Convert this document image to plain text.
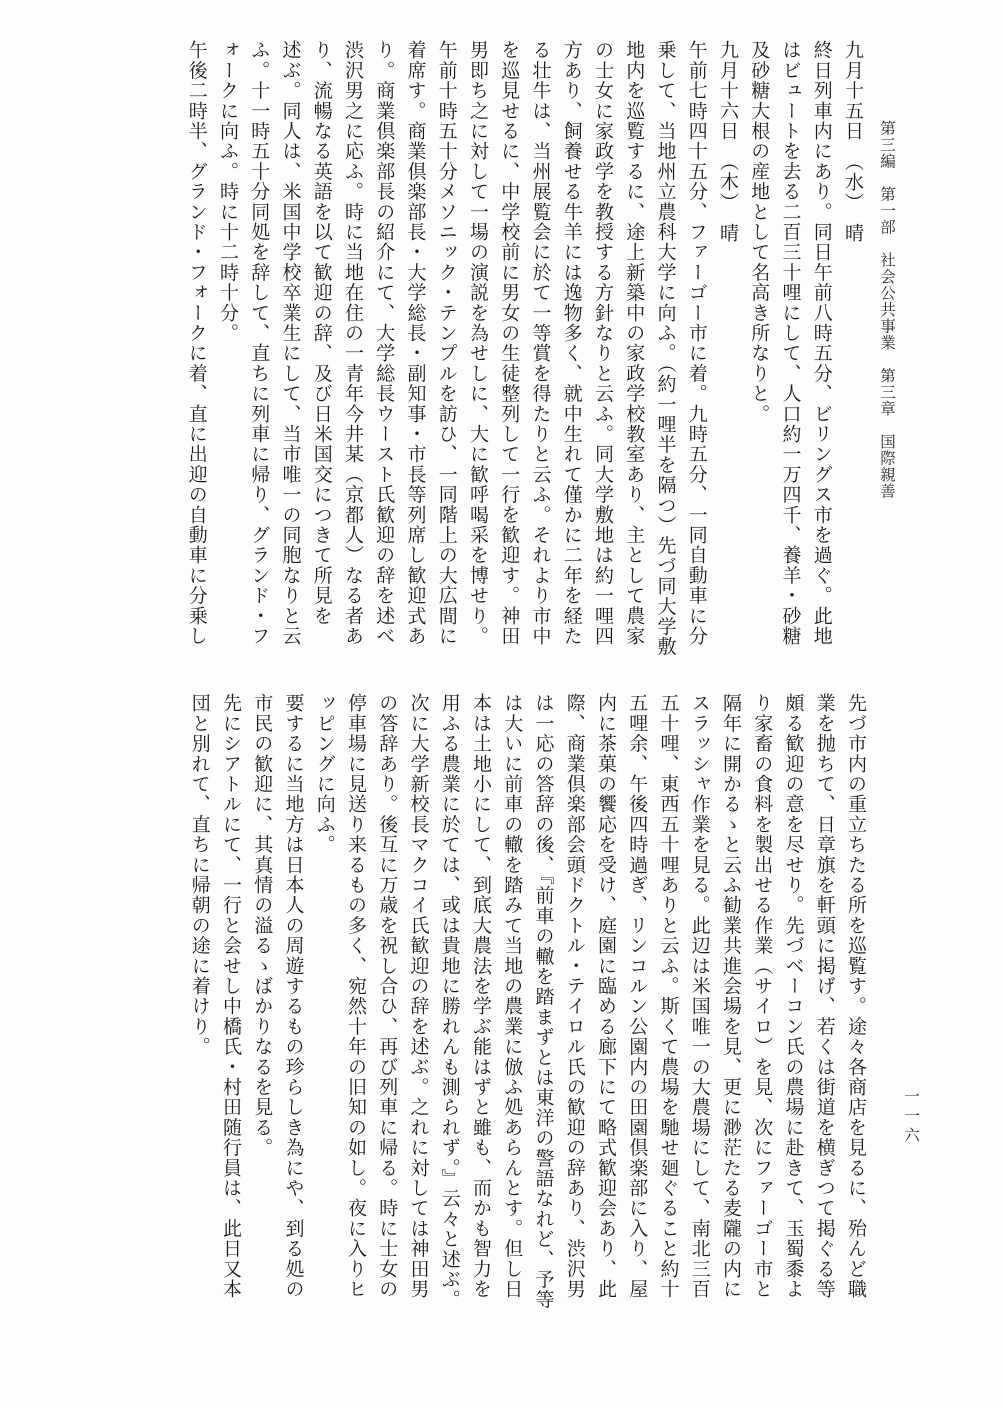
第三編　第一部　社会公共事業　第三章　国際親善
一一六
九月十五日　（水）　晴
終日列車内にあり。同日午前八時五分、ビリングス市を過ぐ。此地
はビュートを去る二百三十哩にして、人口約一万四千、養羊・砂糖
及砂糖大根の産地として名高き所なりと。
九月十六日　（木）　晴
午前七時四十五分、ファーゴー市に着。九時五分、一同自動車に分
乗して、当地州立農科大学に向ふ。（約一哩半を隔つ）先づ同大学敷
地内を巡覧するに、途上新築中の家政学校教室あり、主として農家
の士女に家政学を教授する方針なりと云ふ。同大学敷地は約一哩四
方あり、飼養せる牛羊には逸物多く、就中生れて僅かに二年を経た
る壮牛は、当州展覧会に於て一等賞を得たりと云ふ。それより市中
を巡見せるに、中学校前に男女の生徒整列して一行を歓迎す。神田
男即ち之に対して一場の演説を為せしに、大に歓呼喝采を博せり。
午前十時五十分メソニック・テンプルを訪ひ、一同階上の大広間に
着席す。商業倶楽部長・大学総長・副知事・市長等列席し歓迎式あ
り。商業倶楽部長の紹介にて、大学総長ウースト氏歓迎の辞を述べ
渋沢男之に応ふ。時に当地在住の一青年今井某（京都人）なる者あ
り、流暢なる英語を以て歓迎の辞、及び日米国交につきて所見を
述ぶ。同人は、米国中学校卒業生にして、当市唯一の同胞なりと云
ふ。十一時五十分同処を辞して、直ちに列車に帰り、グランド・フ
ォークに向ふ。時に十二時十分。
午後二時半、グランド・フォークに着、直に出迎の自動車に分乗し
先づ市内の重立ちたる所を巡覧す。途々各商店を見るに、殆んど職
業を抛ちて、日章旗を軒頭に掲げ、若くは街道を横ぎつて掲ぐる等
頗る歓迎の意を尽せり。先づベーコン氏の農場に赴きて、玉蜀黍よ
り家畜の食料を製出せる作業（サイロ）を見、次にファーゴー市と
隔年に開かるゝと云ふ勧業共進会場を見、更に渺茫たる麦隴の内に
スラッシャ作業を見る。此辺は米国唯一の大農場にして、南北三百
五十哩、東西五十哩ありと云ふ。斯くて農場を馳せ廻ぐること約十
五哩余、午後四時過ぎ、リンコルン公園内の田園倶楽部に入り、屋
内に茶菓の饗応を受け、庭園に臨める廊下にて略式歓迎会あり、此
際、商業倶楽部会頭ドクトル・テイロル氏の歓迎の辞あり、渋沢男
は一応の答辞の後、『前車の轍を踏まずとは東洋の警語なれど、予等
は大いに前車の轍を踏みて当地の農業に倣ふ処あらんとす。但し日
本は土地小にして、到底大農法を学ぶ能はずと雖も、而かも智力を
用ふる農業に於ては、或は貴地に勝れんも測られず。』云々と述ぶ。
次に大学新校長マクコイ氏歓迎の辞を述ぶ。之れに対しては神田男
の答辞あり。後互に万歳を祝し合ひ、再び列車に帰る。時に士女の
停車場に見送り来るもの多く、宛然十年の旧知の如し。夜に入りヒ
ッピングに向ふ。
要するに当地方は日本人の周遊するもの珍らしき為にや、到る処の
市民の歓迎に、其真情の溢るゝばかりなるを見る。
先にシアトルにて、一行と会せし中橋氏・村田随行員は、此日又本
団と別れて、直ちに帰朝の途に着けり。
